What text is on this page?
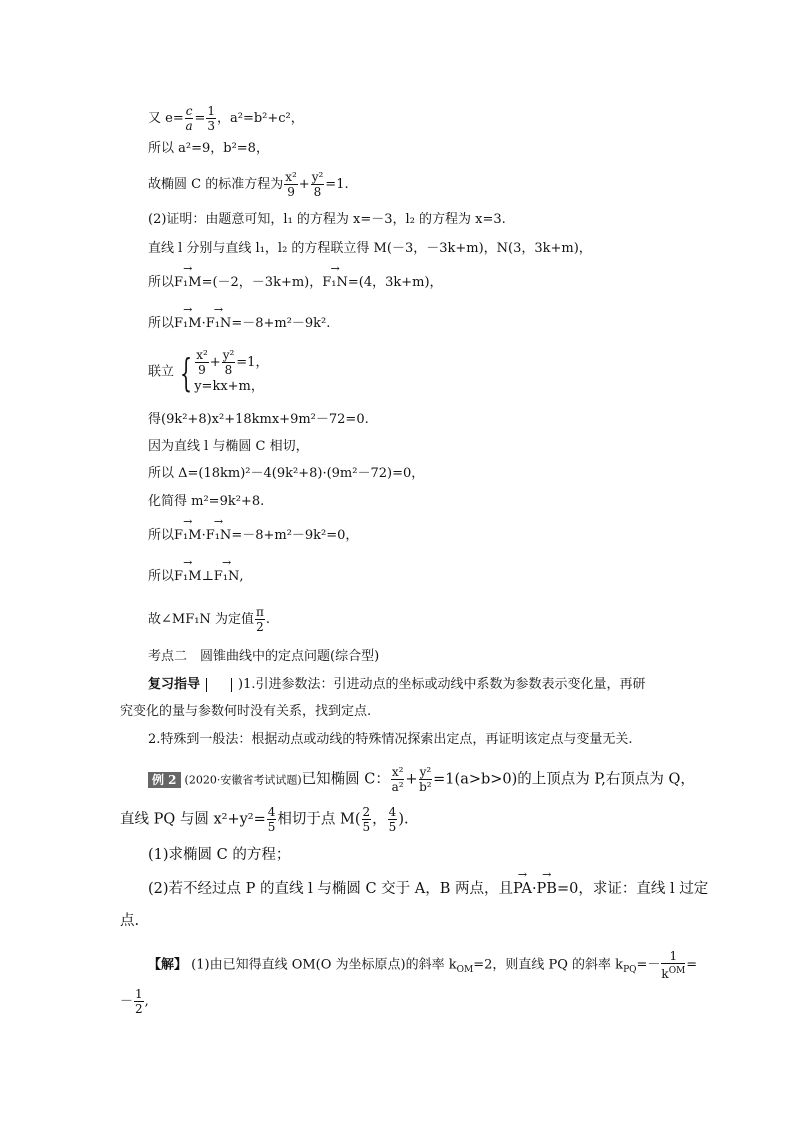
又 $e= \frac{c}{a} = \frac{1}{3}$ ，a²=b²+c²，
所以 a²=9，b²=8，
故椭圆 C 的标准方程为 $\frac{\text{x²}}{9} + \frac{\text{y²}}{8} =1$.
(2)证明：由题意可知，l₁ 的方程为 x=－3，l₂ 的方程为 x=3.
直线 l 分别与直线 l₁，l₂ 的方程联立得 M(－3，－3k+m)，N(3，3k+m)，
所以→ F₁M=(－2，－3k+m)，→ F₁N=(4，3k+m)，
所以→ F₁M·→ F₁N=－8+m²－9k².
联立 { $\frac{\text{x²}}{9} + \frac{\text{y²}}{8} =1$，
y=kx+m，
得(9k²+8)x²+18kmx+9m²－72=0.
因为直线 l 与椭圆 C 相切，
所以 Δ=(18km)²－4(9k²+8)·(9m²－72)=0，
化简得 m²=9k²+8.
所以→ F₁M·→ F₁N=－8+m²－9k²=0，
所以→ F₁M⊥→ F₁N,
故∠MF₁N 为定值 $\frac{\pi}{2}$ .
考点二　圆锥曲线中的定点问题(综合型)
复习指导	)1.引进参数法：引进动点的坐标或动线中系数为参数表示变化量，再研
究变化的量与参数何时没有关系，找到定点.
2.特殊到一般法：根据动点或动线的特殊情况探索出定点，再证明该定点与变量无关.
例 2 (2020·安徽省考试试题)已知椭圆 C： $\frac{\text{x²}}{\text{a²}} + \frac{\text{y²}}{\text{b²}} =1(a>b>0)$的上顶点为 P,右顶点为 Q，
直线 PQ 与圆 $x^2+y^2= \frac{4}{5}$ 相切于点 $M( \frac{2}{5}$ ， $\frac{4}{5}$ ).
(1)求椭圆 C 的方程；
(2)若不经过点 P 的直线 l 与椭圆 C 交于 A，B 两点，且→ PA·→ PB=0，求证：直线 l 过定
点.
【解】 (1)由已知得直线 OM(O 为坐标原点)的斜率 $k_{OM}=2$，则直线 PQ 的斜率 $k_{PQ}=- \frac{1}{k^{OM}}$ =
－ $\frac{1}{2}$ ,
